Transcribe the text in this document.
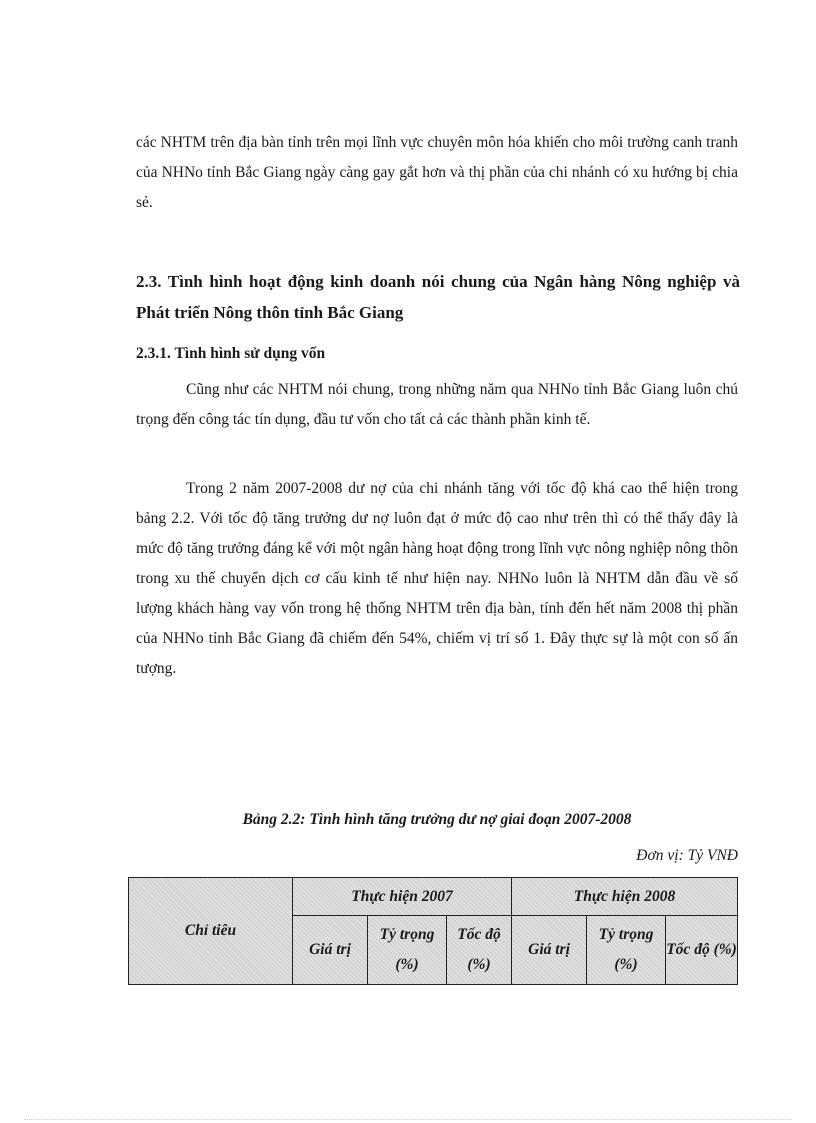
các NHTM trên địa bàn tỉnh trên mọi lĩnh vực chuyên môn hóa khiến cho môi trường canh tranh của NHNo tỉnh Bắc Giang ngày càng gay gắt hơn và thị phần của chi nhánh có xu hướng bị chia sẻ.

2.3. Tình hình hoạt động kinh doanh nói chung của Ngân hàng Nông nghiệp và Phát triển Nông thôn tỉnh Bắc Giang

2.3.1. Tình hình sử dụng vốn

Cũng như các NHTM nói chung, trong những năm qua NHNo tỉnh Bắc Giang luôn chú trọng đến công tác tín dụng, đầu tư vốn cho tất cả các thành phần kinh tế.

Trong 2 năm 2007-2008 dư nợ của chi nhánh tăng với tốc độ khá cao thể hiện trong bảng 2.2. Với tốc độ tăng trưởng dư nợ luôn đạt ở mức độ cao như trên thì có thể thấy đây là mức độ tăng trưởng đáng kể với một ngân hàng hoạt động trong lĩnh vực nông nghiệp nông thôn trong xu thế chuyển dịch cơ cấu kinh tế như hiện nay. NHNo luôn là NHTM dẫn đầu về số lượng khách hàng vay vốn trong hệ thống NHTM trên địa bàn, tính đến hết năm 2008 thị phần của NHNo tỉnh Bắc Giang đã chiếm đến 54%, chiếm vị trí số 1. Đây thực sự là một con số ấn tượng.

Bảng 2.2: Tình hình tăng trưởng dư nợ giai đoạn 2007-2008

Đơn vị: Tỷ VNĐ

Chỉ tiêu	Thực hiện 2007			Thực hiện 2008		
	Giá trị	Tỷ trọng (%)	Tốc độ (%)	Giá trị	Tỷ trọng (%)	Tốc độ (%)
